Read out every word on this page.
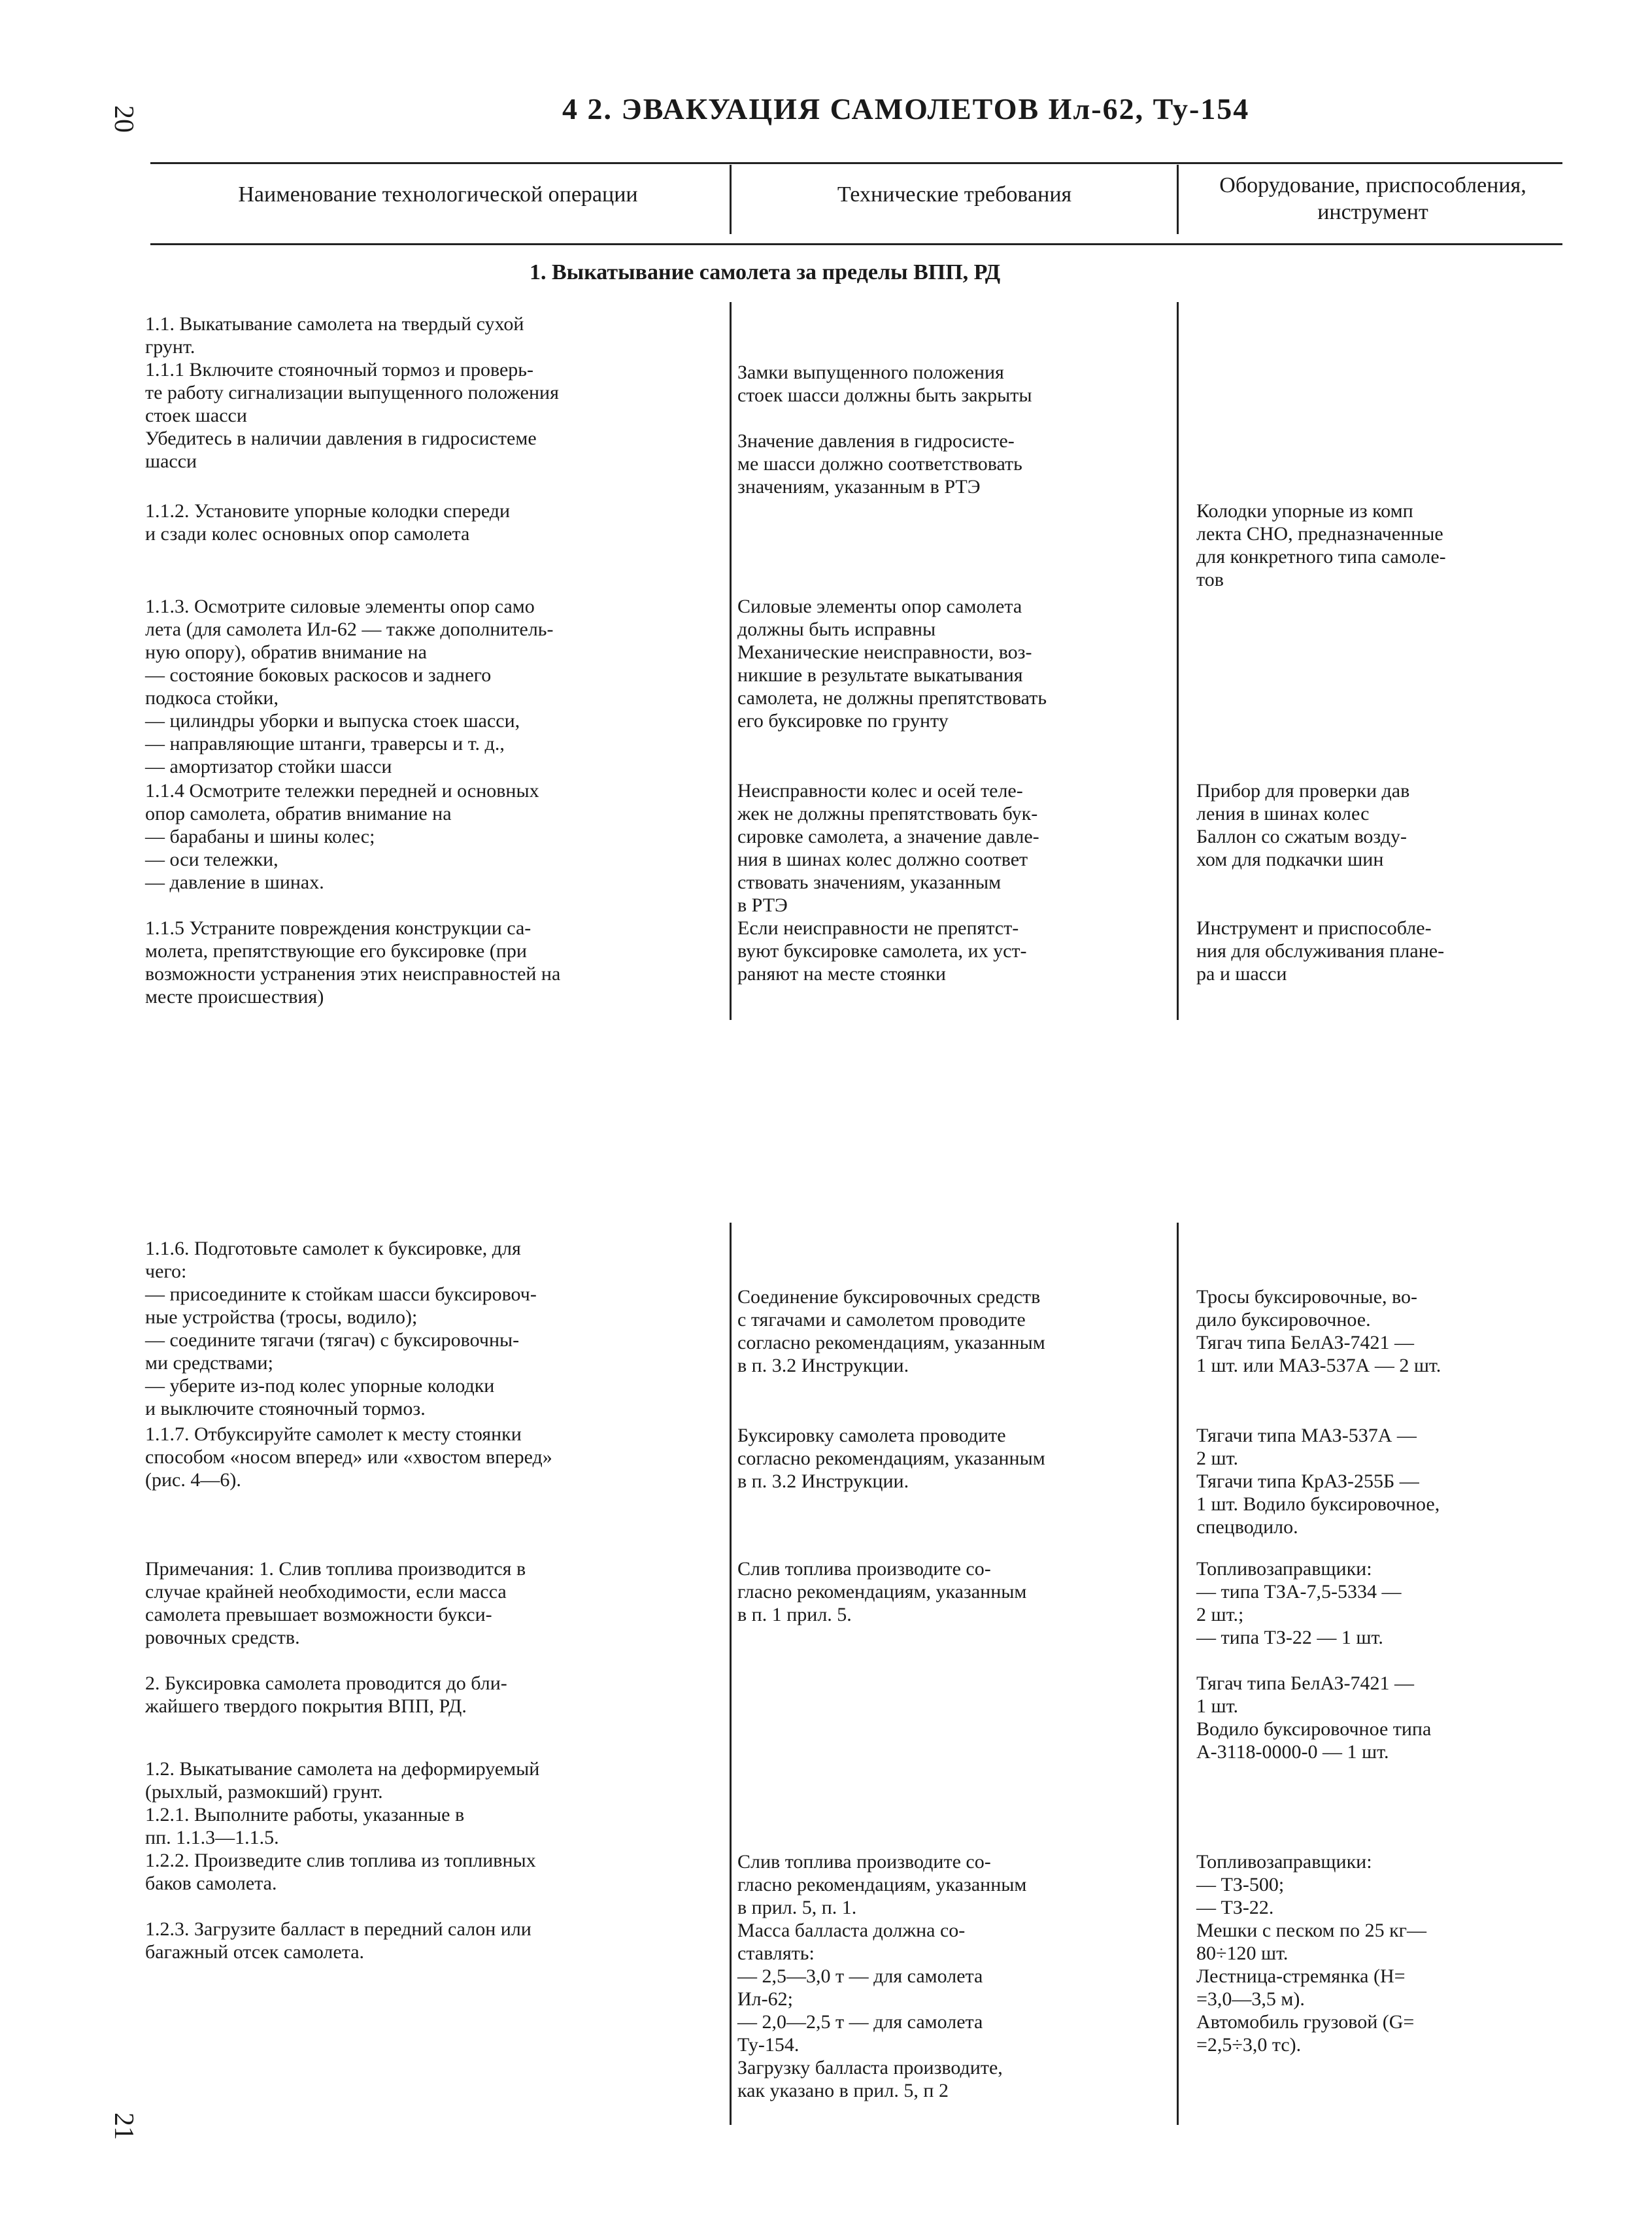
20
21
4 2. ЭВАКУАЦИЯ САМОЛЕТОВ Ил-62, Ту-154
Наименование технологической операции	Технические требования	Оборудование, приспособления, инструмент
1. Выкатывание самолета за пределы ВПП, РД
1.1. Выкатывание самолета на твердый сухой
грунт.
1.1.1 Включите стояночный тормоз и проверь-
те работу сигнализации выпущенного положения
стоек шасси
Убедитесь в наличии давления в гидросистеме
шасси
Замки выпущенного положения
стоек шасси должны быть закрыты

Значение давления в гидросисте-
ме шасси должно соответствовать
значениям, указанным в РТЭ
1.1.2. Установите упорные колодки спереди
и сзади колес основных опор самолета
Колодки упорные из комп
лекта СНО, предназначенные
для конкретного типа самоле-
тов
1.1.3. Осмотрите силовые элементы опор само
лета (для самолета Ил-62 — также дополнитель-
ную опору), обратив внимание на
— состояние боковых раскосов и заднего
подкоса стойки,
— цилиндры уборки и выпуска стоек шасси,
— направляющие штанги, траверсы и т. д.,
— амортизатор стойки шасси
Силовые элементы опор самолета
должны быть исправны
Механические неисправности, воз-
никшие в результате выкатывания
самолета, не должны препятствовать
его буксировке по грунту
1.1.4 Осмотрите тележки передней и основных
опор самолета, обратив внимание на
— барабаны и шины колес;
— оси тележки,
— давление в шинах.
Неисправности колес и осей теле-
жек не должны препятствовать бук-
сировке самолета, а значение давле-
ния в шинах колес должно соответ
ствовать значениям, указанным
в РТЭ
Прибор для проверки дав
ления в шинах колес
Баллон со сжатым возду-
хом для подкачки шин
1.1.5 Устраните повреждения конструкции са-
молета, препятствующие его буксировке (при
возможности устранения этих неисправностей на
месте происшествия)
Если неисправности не препятст-
вуют буксировке самолета, их уст-
раняют на месте стоянки
Инструмент и приспособле-
ния для обслуживания плане-
ра и шасси
1.1.6. Подготовьте самолет к буксировке, для
чего:
— присоедините к стойкам шасси буксировоч-
ные устройства (тросы, водило);
— соедините тягачи (тягач) с буксировочны-
ми средствами;
— уберите из-под колес упорные колодки
и выключите стояночный тормоз.
Соединение буксировочных средств
с тягачами и самолетом проводите
согласно рекомендациям, указанным
в п. 3.2 Инструкции.
Тросы буксировочные, во-
дило буксировочное.
Тягач типа БелАЗ-7421 —
1 шт. или МАЗ-537А — 2 шт.
1.1.7. Отбуксируйте самолет к месту стоянки
способом «носом вперед» или «хвостом вперед»
(рис. 4—6).
Буксировку самолета проводите
согласно рекомендациям, указанным
в п. 3.2 Инструкции.
Тягачи типа МАЗ-537А —
2 шт.
Тягачи типа КрАЗ-255Б —
1 шт. Водило буксировочное,
спецводило.
Примечания: 1. Слив топлива производится в
случае крайней необходимости, если масса
самолета превышает возможности букси-
ровочных средств.

2. Буксировка самолета проводится до бли-
жайшего твердого покрытия ВПП, РД.
Слив топлива производите со-
гласно рекомендациям, указанным
в п. 1 прил. 5.
Топливозаправщики:
— типа ТЗА-7,5-5334 —
2 шт.;
— типа ТЗ-22 — 1 шт.

Тягач типа БелАЗ-7421 —
1 шт.
Водило буксировочное типа
А-3118-0000-0 — 1 шт.
1.2. Выкатывание самолета на деформируемый
(рыхлый, размокший) грунт.
1.2.1. Выполните работы, указанные в
пп. 1.1.3—1.1.5.
1.2.2. Произведите слив топлива из топливных
баков самолета.

1.2.3. Загрузите балласт в передний салон или
багажный отсек самолета.
Слив топлива производите со-
гласно рекомендациям, указанным
в прил. 5, п. 1.
Масса балласта должна со-
ставлять:
— 2,5—3,0 т — для самолета
Ил-62;
— 2,0—2,5 т — для самолета
Ту-154.
Загрузку балласта производите,
как указано в прил. 5, п 2
Топливозаправщики:
— ТЗ-500;
— ТЗ-22.
Мешки с песком по 25 кг—
80÷120 шт.
Лестница-стремянка (H=
=3,0—3,5 м).
Автомобиль грузовой (G=
=2,5÷3,0 тс).
